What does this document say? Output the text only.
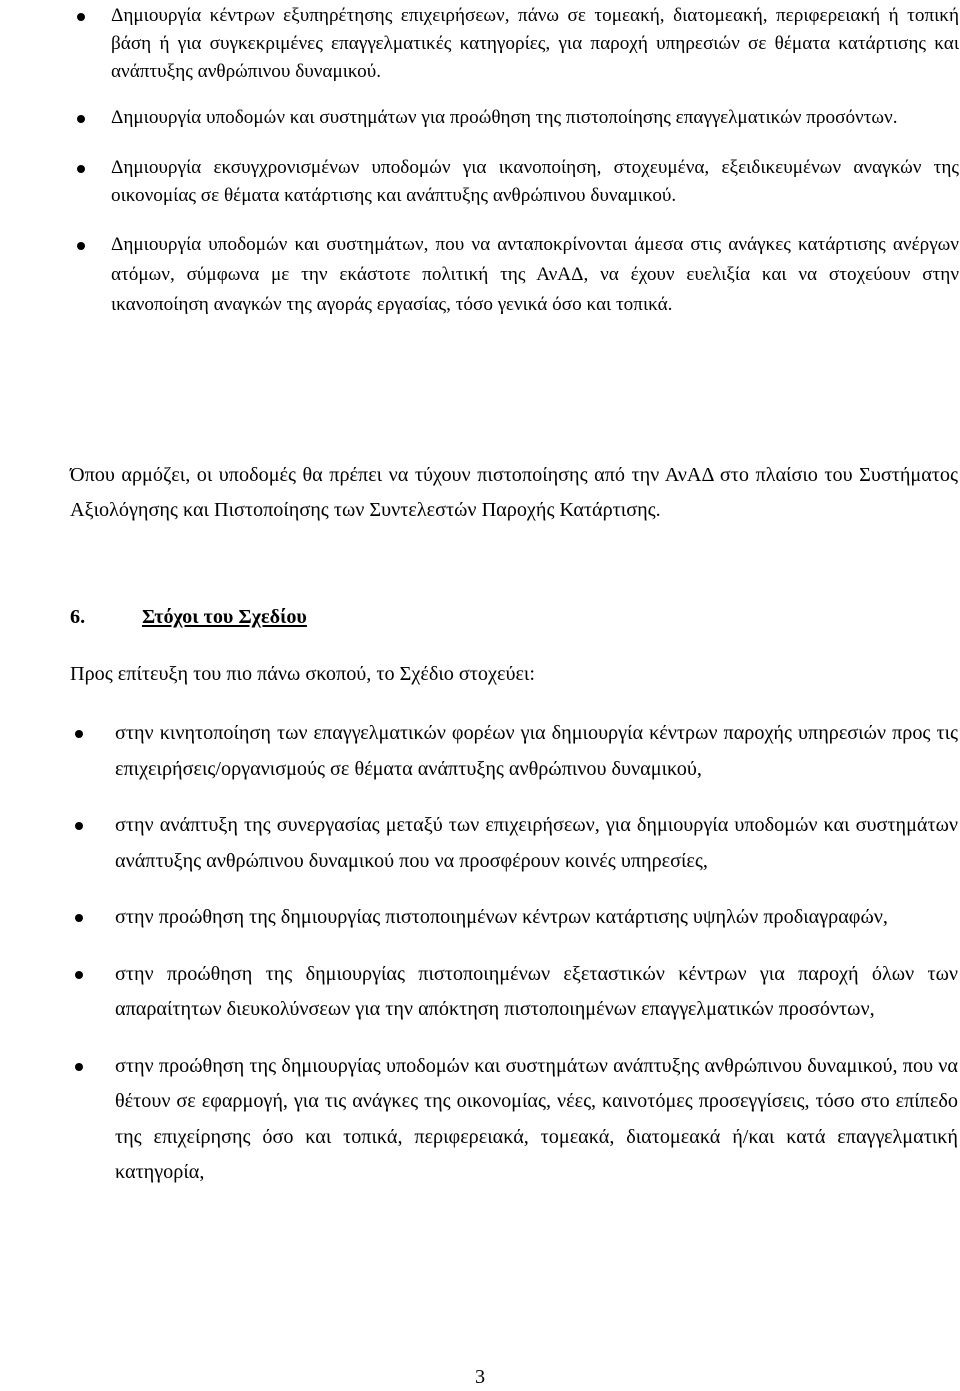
Δημιουργία κέντρων εξυπηρέτησης επιχειρήσεων, πάνω σε τομεακή, διατομεακή, περιφερειακή ή τοπική βάση ή για συγκεκριμένες επαγγελματικές κατηγορίες, για παροχή υπηρεσιών σε θέματα κατάρτισης και ανάπτυξης ανθρώπινου δυναμικού.
Δημιουργία υποδομών και συστημάτων για προώθηση της πιστοποίησης επαγγελματικών προσόντων.
Δημιουργία εκσυγχρονισμένων υποδομών για ικανοποίηση, στοχευμένα, εξειδικευμένων αναγκών της οικονομίας σε θέματα κατάρτισης και ανάπτυξης ανθρώπινου δυναμικού.
Δημιουργία υποδομών και συστημάτων, που να ανταποκρίνονται άμεσα στις ανάγκες κατάρτισης ανέργων ατόμων, σύμφωνα με την εκάστοτε πολιτική της ΑνΑΔ, να έχουν ευελιξία και να στοχεύουν στην ικανοποίηση αναγκών της αγοράς εργασίας, τόσο γενικά όσο και τοπικά.

Όπου αρμόζει, οι υποδομές θα πρέπει να τύχουν πιστοποίησης από την ΑνΑΔ στο πλαίσιο του Συστήματος Αξιολόγησης και Πιστοποίησης των Συντελεστών Παροχής Κατάρτισης.

6.	Στόχοι του Σχεδίου

Προς επίτευξη του πιο πάνω σκοπού, το Σχέδιο στοχεύει:

στην κινητοποίηση των επαγγελματικών φορέων για δημιουργία κέντρων παροχής υπηρεσιών προς τις επιχειρήσεις/οργανισμούς σε θέματα ανάπτυξης ανθρώπινου δυναμικού,
στην ανάπτυξη της συνεργασίας μεταξύ των επιχειρήσεων, για δημιουργία υποδομών και συστημάτων ανάπτυξης ανθρώπινου δυναμικού που να προσφέρουν κοινές υπηρεσίες,
στην προώθηση της δημιουργίας πιστοποιημένων κέντρων κατάρτισης υψηλών προδιαγραφών,
στην προώθηση της δημιουργίας πιστοποιημένων εξεταστικών κέντρων για παροχή όλων των απαραίτητων διευκολύνσεων για την απόκτηση πιστοποιημένων επαγγελματικών προσόντων,
στην προώθηση της δημιουργίας υποδομών και συστημάτων ανάπτυξης ανθρώπινου δυναμικού, που να θέτουν σε εφαρμογή, για τις ανάγκες της οικονομίας, νέες, καινοτόμες προσεγγίσεις, τόσο στο επίπεδο της επιχείρησης όσο και τοπικά, περιφερειακά, τομεακά, διατομεακά ή/και κατά επαγγελματική κατηγορία,
3
